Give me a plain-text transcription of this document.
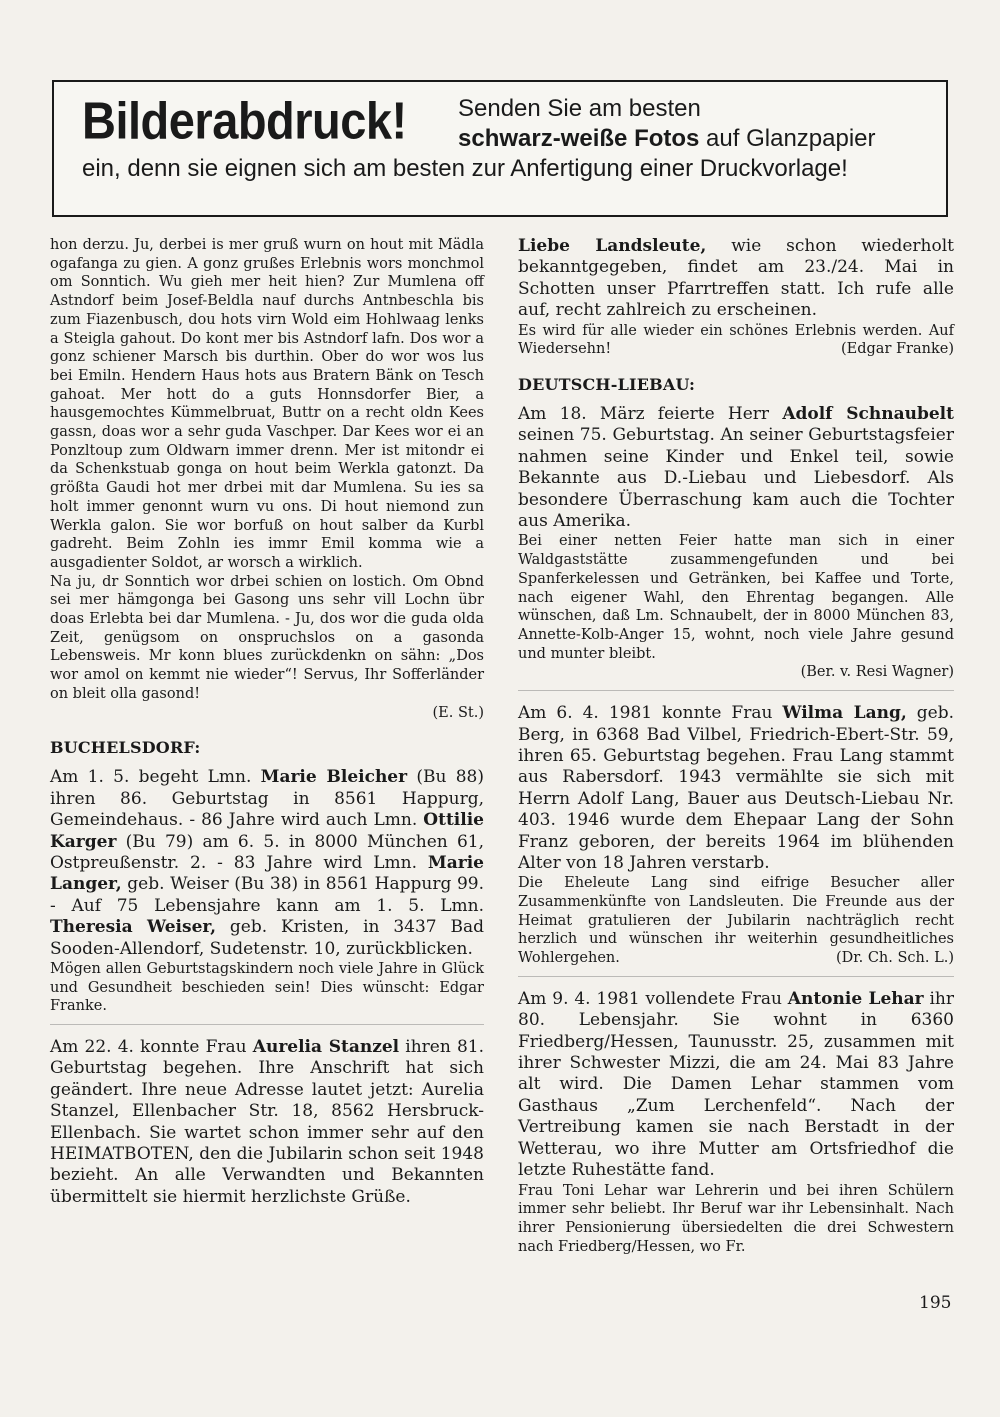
Bilderabdruck! Senden Sie am besten
schwarz-weiße Fotos auf Glanzpapier
ein, denn sie eignen sich am besten zur Anfertigung einer Druckvorlage!

hon derzu. Ju, derbei is mer gruß wurn on hout mit Mädla ogafanga zu gien. A gonz grußes Erlebnis wors monchmol om Sonntich. Wu gieh mer heit hien? Zur Mumlena off Astndorf beim Josef-Beldla nauf durchs Antnbeschla bis zum Fiazenbusch, dou hots virn Wold eim Hohlwaag lenks a Steigla gahout. Do kont mer bis Astndorf lafn. Dos wor a gonz schiener Marsch bis durthin. Ober do wor wos lus bei Emiln. Hendern Haus hots aus Bratern Bänk on Tesch gahoat. Mer hott do a guts Honnsdorfer Bier, a hausgemochtes Kümmelbruat, Buttr on a recht oldn Kees gassn, doas wor a sehr guda Vaschper. Dar Kees wor ei an Ponzltoup zum Oldwarn immer drenn. Mer ist mitondr ei da Schenkstuab gonga on hout beim Werkla gatonzt. Da größta Gaudi hot mer drbei mit dar Mumlena. Su ies sa holt immer genonnt wurn vu ons. Di hout niemond zun Werkla galon. Sie wor borfuß on hout salber da Kurbl gadreht. Beim Zohln ies immr Emil komma wie a ausgadienter Soldot, ar worsch a wirklich.

Na ju, dr Sonntich wor drbei schien on lostich. Om Obnd sei mer hämgonga bei Gasong uns sehr vill Lochn übr doas Erlebta bei dar Mumlena. - Ju, dos wor die guda olda Zeit, genügsom on onspruchslos on a gasonda Lebensweis. Mr konn blues zurückdenkn on sähn: „Dos wor amol on kemmt nie wieder“! Servus, Ihr Sofferländer on bleit olla gasond!

(E. St.)

BUCHELSDORF:

Am 1. 5. begeht Lmn. Marie Bleicher (Bu 88) ihren 86. Geburtstag in 8561 Happurg, Gemeindehaus. - 86 Jahre wird auch Lmn. Ottilie Karger (Bu 79) am 6. 5. in 8000 München 61, Ostpreußenstr. 2. - 83 Jahre wird Lmn. Marie Langer, geb. Weiser (Bu 38) in 8561 Happurg 99. - Auf 75 Lebensjahre kann am 1. 5. Lmn. Theresia Weiser, geb. Kristen, in 3437 Bad Sooden-Allendorf, Sudetenstr. 10, zurückblicken.

Mögen allen Geburtstagskindern noch viele Jahre in Glück und Gesundheit beschieden sein! Dies wünscht: Edgar Franke.

Am 22. 4. konnte Frau Aurelia Stanzel ihren 81. Geburtstag begehen. Ihre Anschrift hat sich geändert. Ihre neue Adresse lautet jetzt: Aurelia Stanzel, Ellenbacher Str. 18, 8562 Hersbruck-Ellenbach. Sie wartet schon immer sehr auf den HEIMATBOTEN, den die Jubilarin schon seit 1948 bezieht. An alle Verwandten und Bekannten übermittelt sie hiermit herzlichste Grüße.

Liebe Landsleute, wie schon wiederholt bekanntgegeben, findet am 23./24. Mai in Schotten unser Pfarrtreffen statt. Ich rufe alle auf, recht zahlreich zu erscheinen.

Es wird für alle wieder ein schönes Erlebnis werden. Auf Wiedersehn!	(Edgar Franke)

DEUTSCH-LIEBAU:

Am 18. März feierte Herr Adolf Schnaubelt seinen 75. Geburtstag. An seiner Geburtstagsfeier nahmen seine Kinder und Enkel teil, sowie Bekannte aus D.-Liebau und Liebesdorf. Als besondere Überraschung kam auch die Tochter aus Amerika.

Bei einer netten Feier hatte man sich in einer Waldgaststätte zusammengefunden und bei Spanferkelessen und Getränken, bei Kaffee und Torte, nach eigener Wahl, den Ehrentag begangen. Alle wünschen, daß Lm. Schnaubelt, der in 8000 München 83, Annette-Kolb-Anger 15, wohnt, noch viele Jahre gesund und munter bleibt.

(Ber. v. Resi Wagner)

Am 6. 4. 1981 konnte Frau Wilma Lang, geb. Berg, in 6368 Bad Vilbel, Friedrich-Ebert-Str. 59, ihren 65. Geburtstag begehen. Frau Lang stammt aus Rabersdorf. 1943 vermählte sie sich mit Herrn Adolf Lang, Bauer aus Deutsch-Liebau Nr. 403. 1946 wurde dem Ehepaar Lang der Sohn Franz geboren, der bereits 1964 im blühenden Alter von 18 Jahren verstarb.

Die Eheleute Lang sind eifrige Besucher aller Zusammenkünfte von Landsleuten. Die Freunde aus der Heimat gratulieren der Jubilarin nachträglich recht herzlich und wünschen ihr weiterhin gesundheitliches Wohlergehen.	(Dr. Ch. Sch. L.)

Am 9. 4. 1981 vollendete Frau Antonie Lehar ihr 80. Lebensjahr. Sie wohnt in 6360 Friedberg/Hessen, Taunusstr. 25, zusammen mit ihrer Schwester Mizzi, die am 24. Mai 83 Jahre alt wird. Die Damen Lehar stammen vom Gasthaus „Zum Lerchenfeld“. Nach der Vertreibung kamen sie nach Berstadt in der Wetterau, wo ihre Mutter am Ortsfriedhof die letzte Ruhestätte fand.

Frau Toni Lehar war Lehrerin und bei ihren Schülern immer sehr beliebt. Ihr Beruf war ihr Lebensinhalt. Nach ihrer Pensionierung übersiedelten die drei Schwestern nach Friedberg/Hessen, wo Fr.

195
